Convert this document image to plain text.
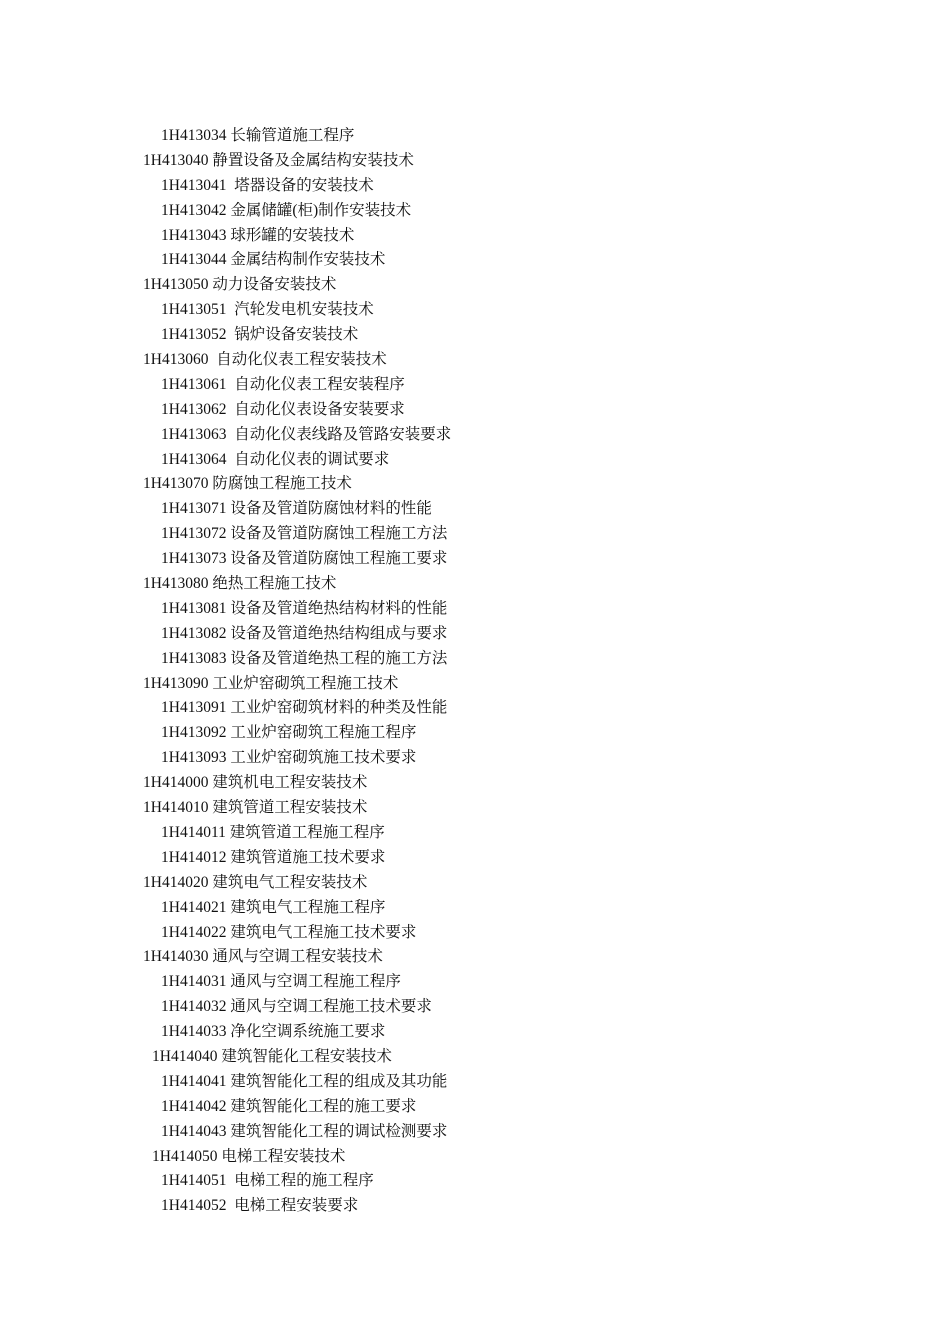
1H413034 长输管道施工程序
1H413040 静置设备及金属结构安装技术
1H413041  塔器设备的安装技术
1H413042 金属储罐(柜)制作安装技术
1H413043 球形罐的安装技术
1H413044 金属结构制作安装技术
1H413050 动力设备安装技术
1H413051  汽轮发电机安装技术
1H413052  锅炉设备安装技术
1H413060  自动化仪表工程安装技术
1H413061  自动化仪表工程安装程序
1H413062  自动化仪表设备安装要求
1H413063  自动化仪表线路及管路安装要求
1H413064  自动化仪表的调试要求
1H413070 防腐蚀工程施工技术
1H413071 设备及管道防腐蚀材料的性能
1H413072 设备及管道防腐蚀工程施工方法
1H413073 设备及管道防腐蚀工程施工要求
1H413080 绝热工程施工技术
1H413081 设备及管道绝热结构材料的性能
1H413082 设备及管道绝热结构组成与要求
1H413083 设备及管道绝热工程的施工方法
1H413090 工业炉窑砌筑工程施工技术
1H413091 工业炉窑砌筑材料的种类及性能
1H413092 工业炉窑砌筑工程施工程序
1H413093 工业炉窑砌筑施工技术要求
1H414000 建筑机电工程安装技术
1H414010 建筑管道工程安装技术
1H414011 建筑管道工程施工程序
1H414012 建筑管道施工技术要求
1H414020 建筑电气工程安装技术
1H414021 建筑电气工程施工程序
1H414022 建筑电气工程施工技术要求
1H414030 通风与空调工程安装技术
1H414031 通风与空调工程施工程序
1H414032 通风与空调工程施工技术要求
1H414033 净化空调系统施工要求
1H414040 建筑智能化工程安装技术
1H414041 建筑智能化工程的组成及其功能
1H414042 建筑智能化工程的施工要求
1H414043 建筑智能化工程的调试检测要求
1H414050 电梯工程安装技术
1H414051  电梯工程的施工程序
1H414052  电梯工程安装要求
